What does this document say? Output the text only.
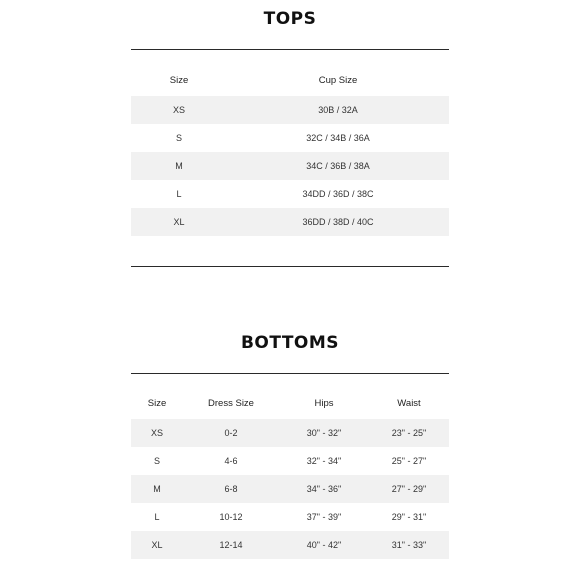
TOPS
Size	Cup Size
XS	30B / 32A
S	32C / 34B / 36A
M	34C / 36B / 38A
L	34DD / 36D / 38C
XL	36DD / 38D / 40C
BOTTOMS
Size	Dress Size	Hips	Waist
XS	0-2	30" - 32"	23" - 25"
S	4-6	32" - 34"	25" - 27"
M	6-8	34" - 36"	27" - 29"
L	10-12	37" - 39"	29" - 31"
XL	12-14	40" - 42"	31" - 33"
